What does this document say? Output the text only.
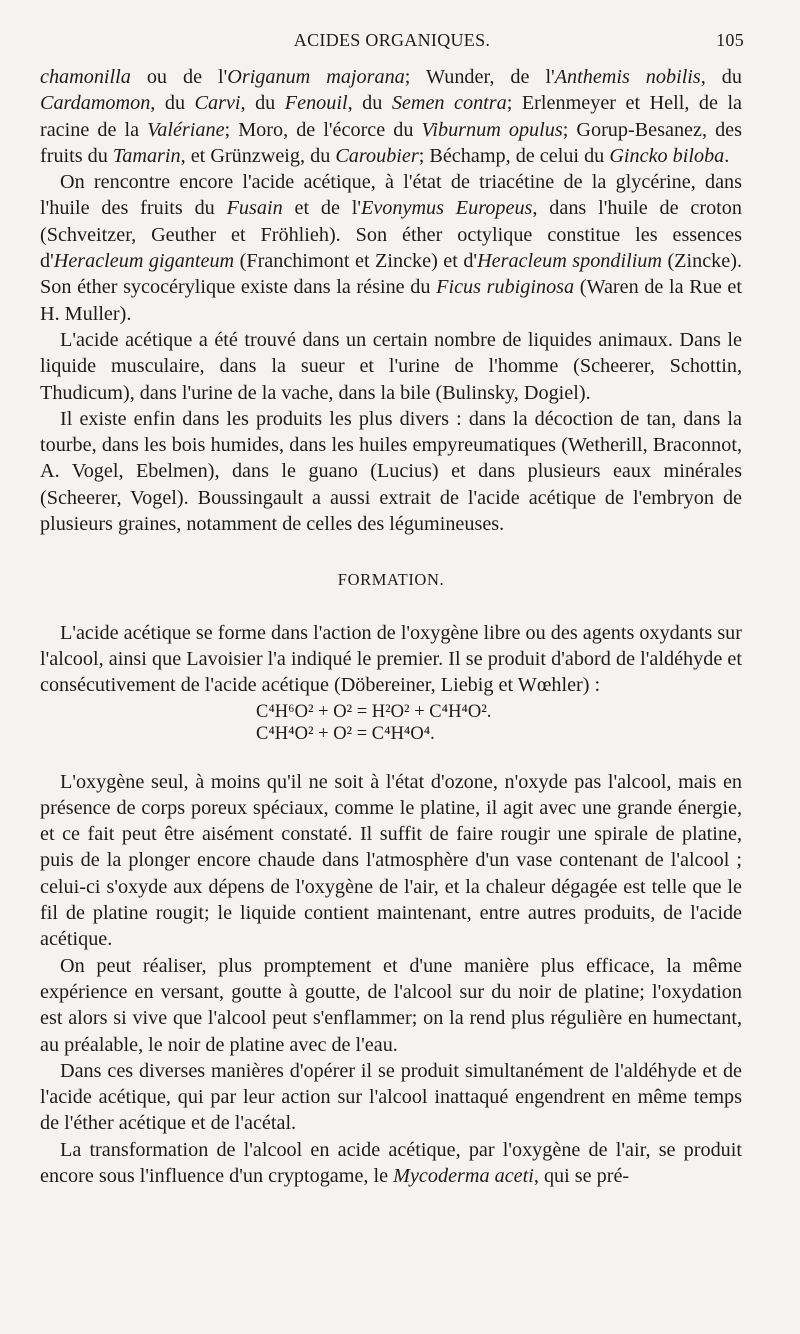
ACIDES ORGANIQUES.	105

chamonilla ou de l'Origanum majorana; Wunder, de l'Anthemis nobilis, du Cardamomon, du Carvi, du Fenouil, du Semen contra; Erlenmeyer et Hell, de la racine de la Valériane; Moro, de l'écorce du Viburnum opulus; Gorup-Besanez, des fruits du Tamarin, et Grünzweig, du Caroubier; Béchamp, de celui du Gincko biloba.

On rencontre encore l'acide acétique, à l'état de triacétine de la glycérine, dans l'huile des fruits du Fusain et de l'Evonymus Europeus, dans l'huile de croton (Schveitzer, Geuther et Fröhlieh). Son éther octylique constitue les essences d'Heracleum giganteum (Franchimont et Zincke) et d'Heracleum spondilium (Zincke). Son éther sycocérylique existe dans la résine du Ficus rubiginosa (Waren de la Rue et H. Muller).

L'acide acétique a été trouvé dans un certain nombre de liquides animaux. Dans le liquide musculaire, dans la sueur et l'urine de l'homme (Scheerer, Schottin, Thudicum), dans l'urine de la vache, dans la bile (Bulinsky, Dogiel).

Il existe enfin dans les produits les plus divers : dans la décoction de tan, dans la tourbe, dans les bois humides, dans les huiles empyreumatiques (Wetherill, Braconnot, A. Vogel, Ebelmen), dans le guano (Lucius) et dans plusieurs eaux minérales (Scheerer, Vogel). Boussingault a aussi extrait de l'acide acétique de l'embryon de plusieurs graines, notamment de celles des légumineuses.

FORMATION.

L'acide acétique se forme dans l'action de l'oxygène libre ou des agents oxydants sur l'alcool, ainsi que Lavoisier l'a indiqué le premier. Il se produit d'abord de l'aldéhyde et consécutivement de l'acide acétique (Döbereiner, Liebig et Wœhler) :

C⁴H⁶O² + O² = H²O² + C⁴H⁴O².
C⁴H⁴O² + O² = C⁴H⁴O⁴.

L'oxygène seul, à moins qu'il ne soit à l'état d'ozone, n'oxyde pas l'alcool, mais en présence de corps poreux spéciaux, comme le platine, il agit avec une grande énergie, et ce fait peut être aisément constaté. Il suffit de faire rougir une spirale de platine, puis de la plonger encore chaude dans l'atmosphère d'un vase contenant de l'alcool ; celui-ci s'oxyde aux dépens de l'oxygène de l'air, et la chaleur dégagée est telle que le fil de platine rougit; le liquide contient maintenant, entre autres produits, de l'acide acétique.

On peut réaliser, plus promptement et d'une manière plus efficace, la même expérience en versant, goutte à goutte, de l'alcool sur du noir de platine; l'oxydation est alors si vive que l'alcool peut s'enflammer; on la rend plus régulière en humectant, au préalable, le noir de platine avec de l'eau.

Dans ces diverses manières d'opérer il se produit simultanément de l'aldéhyde et de l'acide acétique, qui par leur action sur l'alcool inattaqué engendrent en même temps de l'éther acétique et de l'acétal.

La transformation de l'alcool en acide acétique, par l'oxygène de l'air, se produit encore sous l'influence d'un cryptogame, le Mycoderma aceti, qui se pré-
